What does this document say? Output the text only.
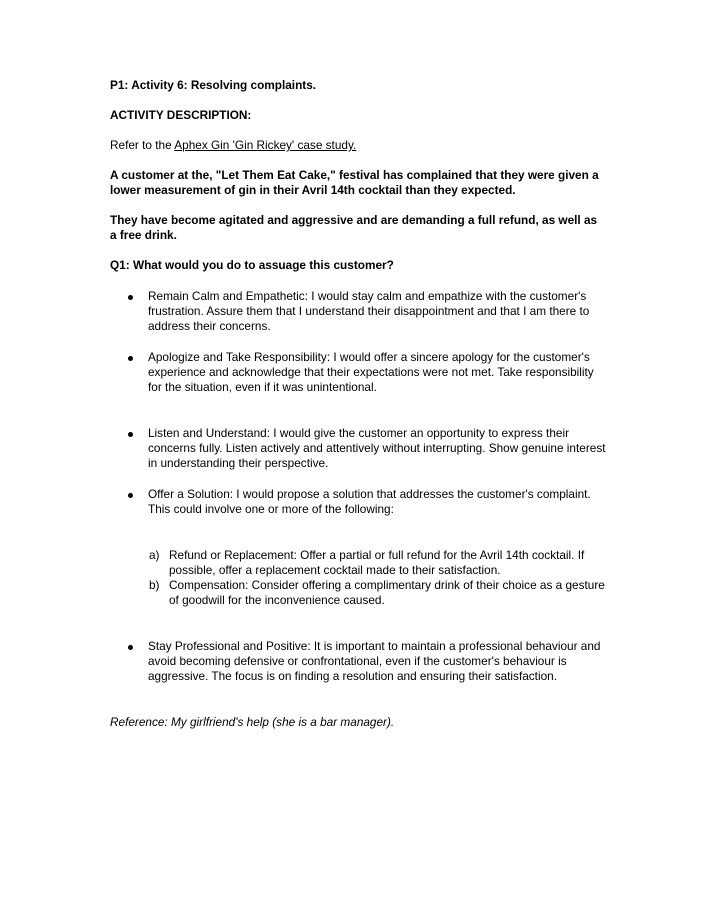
P1: Activity 6: Resolving complaints.

ACTIVITY DESCRIPTION:

Refer to the Aphex Gin 'Gin Rickey' case study.

A customer at the, "Let Them Eat Cake," festival has complained that they were given a lower measurement of gin in their Avril 14th cocktail than they expected.

They have become agitated and aggressive and are demanding a full refund, as well as a free drink.

Q1: What would you do to assuage this customer?

Remain Calm and Empathetic: I would stay calm and empathize with the customer's frustration. Assure them that I understand their disappointment and that I am there to address their concerns.
Apologize and Take Responsibility: I would offer a sincere apology for the customer's experience and acknowledge that their expectations were not met. Take responsibility for the situation, even if it was unintentional.
Listen and Understand: I would give the customer an opportunity to express their concerns fully. Listen actively and attentively without interrupting. Show genuine interest in understanding their perspective.
Offer a Solution: I would propose a solution that addresses the customer's complaint. This could involve one or more of the following:
a) Refund or Replacement: Offer a partial or full refund for the Avril 14th cocktail. If possible, offer a replacement cocktail made to their satisfaction.
b) Compensation: Consider offering a complimentary drink of their choice as a gesture of goodwill for the inconvenience caused.
Stay Professional and Positive: It is important to maintain a professional behaviour and avoid becoming defensive or confrontational, even if the customer's behaviour is aggressive. The focus is on finding a resolution and ensuring their satisfaction.

Reference: My girlfriend's help (she is a bar manager).
